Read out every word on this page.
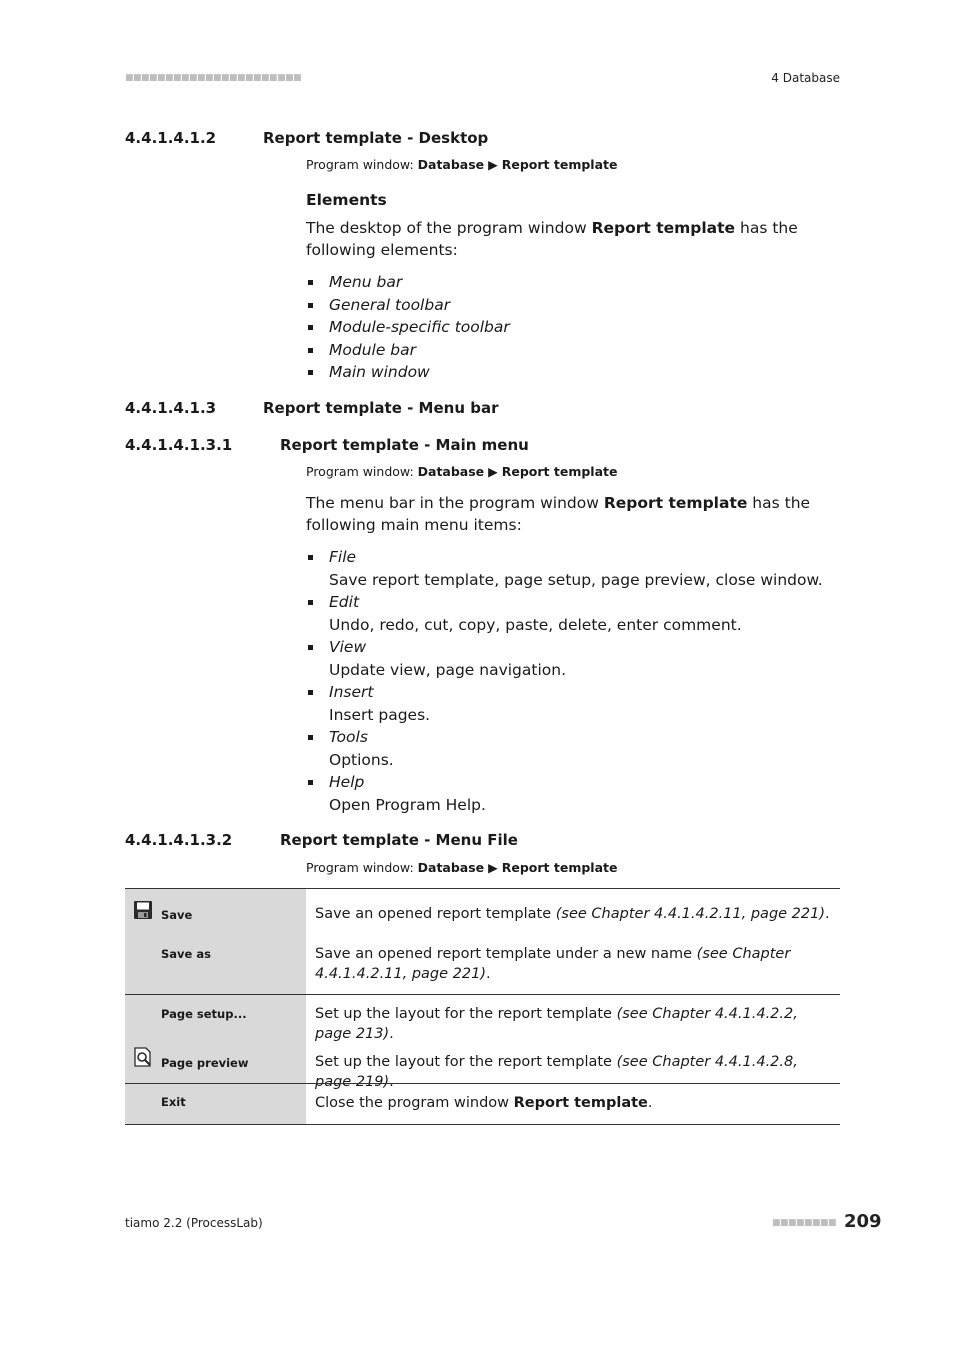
■■■■■■■■■■■■■■■■■■■■■■	4 Database
4.4.1.4.1.2	Report template - Desktop
Program window: Database ▶ Report template
Elements
The desktop of the program window Report template has the following elements:
Menu bar
General toolbar
Module-specific toolbar
Module bar
Main window
4.4.1.4.1.3	Report template - Menu bar
4.4.1.4.1.3.1	Report template - Main menu
Program window: Database ▶ Report template
The menu bar in the program window Report template has the following main menu items:
File
Save report template, page setup, page preview, close window.
Edit
Undo, redo, cut, copy, paste, delete, enter comment.
View
Update view, page navigation.
Insert
Insert pages.
Tools
Options.
Help
Open Program Help.
4.4.1.4.1.3.2	Report template - Menu File
Program window: Database ▶ Report template
Save	Save an opened report template (see Chapter 4.4.1.4.2.11, page 221).
Save as	Save an opened report template under a new name (see Chapter 4.4.1.4.2.11, page 221).
Page setup...	Set up the layout for the report template (see Chapter 4.4.1.4.2.2, page 213).
Page preview	Set up the layout for the report template (see Chapter 4.4.1.4.2.8, page 219).
Exit	Close the program window Report template.
tiamo 2.2 (ProcessLab)	■■■■■■■■ 209
